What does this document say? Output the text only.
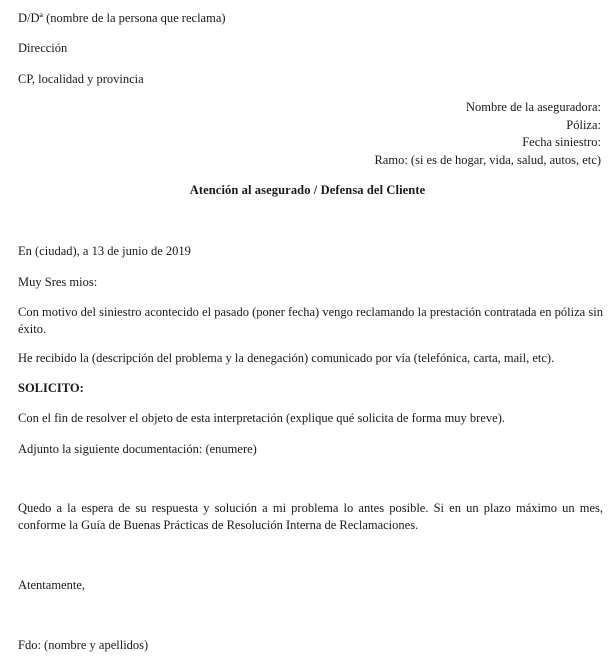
D/Dª (nombre de la persona que reclama)
Dirección
CP, localidad y provincia
Nombre de la aseguradora:
Póliza:
Fecha siniestro:
Ramo: (si es de hogar, vida, salud, autos, etc)
Atención al asegurado / Defensa del Cliente
En (ciudad), a 13 de junio de 2019
Muy Sres mios:
Con motivo del siniestro acontecido el pasado (poner fecha) vengo reclamando la prestación contratada en póliza sin éxito.
He recibido la (descripción del problema y la denegación) comunicado por vía (telefónica, carta, mail, etc).
SOLICITO:
Con el fin de resolver el objeto de esta interpretación (explique qué solicita de forma muy breve).
Adjunto la siguiente documentación: (enumere)
Quedo a la espera de su respuesta y solución a mi problema lo antes posible. Si en un plazo máximo un mes, conforme la Guía de Buenas Prácticas de Resolución Interna de Reclamaciones.
Atentamente,
Fdo: (nombre y apellidos)
